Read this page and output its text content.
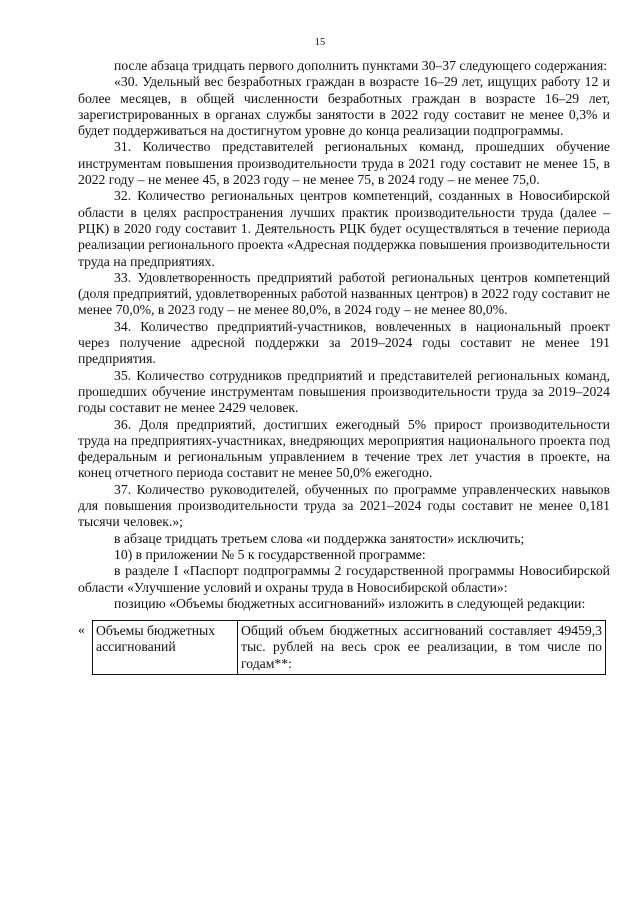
15

после абзаца тридцать первого дополнить пунктами 30–37 следующего содержания:

«30. Удельный вес безработных граждан в возрасте 16–29 лет, ищущих работу 12 и более месяцев, в общей численности безработных граждан в возрасте 16–29 лет, зарегистрированных в органах службы занятости в 2022 году составит не менее 0,3% и будет поддерживаться на достигнутом уровне до конца реализации подпрограммы.

31. Количество представителей региональных команд, прошедших обучение инструментам повышения производительности труда в 2021 году составит не менее 15, в 2022 году – не менее 45, в 2023 году – не менее 75, в 2024 году – не менее 75,0.

32. Количество региональных центров компетенций, созданных в Новосибирской области в целях распространения лучших практик производительности труда (далее – РЦК) в 2020 году составит 1. Деятельность РЦК будет осуществляться в течение периода реализации регионального проекта «Адресная поддержка повышения производительности труда на предприятиях.

33. Удовлетворенность предприятий работой региональных центров компетенций (доля предприятий, удовлетворенных работой названных центров) в 2022 году составит не менее 70,0%, в 2023 году – не менее 80,0%, в 2024 году – не менее 80,0%.

34. Количество предприятий-участников, вовлеченных в национальный проект через получение адресной поддержки за 2019–2024 годы составит не менее 191 предприятия.

35. Количество сотрудников предприятий и представителей региональных команд, прошедших обучение инструментам повышения производительности труда за 2019–2024 годы составит не менее 2429 человек.

36. Доля предприятий, достигших ежегодный 5% прирост производительности труда на предприятиях-участниках, внедряющих мероприятия национального проекта под федеральным и региональным управлением в течение трех лет участия в проекте, на конец отчетного периода составит не менее 50,0% ежегодно.

37. Количество руководителей, обученных по программе управленческих навыков для повышения производительности труда за 2021–2024 годы составит не менее 0,181 тысячи человек.»;

в абзаце тридцать третьем слова «и поддержка занятости» исключить;

10) в приложении № 5 к государственной программе:

в разделе I «Паспорт подпрограммы 2 государственной программы Новосибирской области «Улучшение условий и охраны труда в Новосибирской области»:

позицию «Объемы бюджетных ассигнований» изложить в следующей редакции:

« Объемы бюджетных ассигнований	Общий объем бюджетных ассигнований составляет 49459,3 тыс. рублей на весь срок ее реализации, в том числе по годам**:
